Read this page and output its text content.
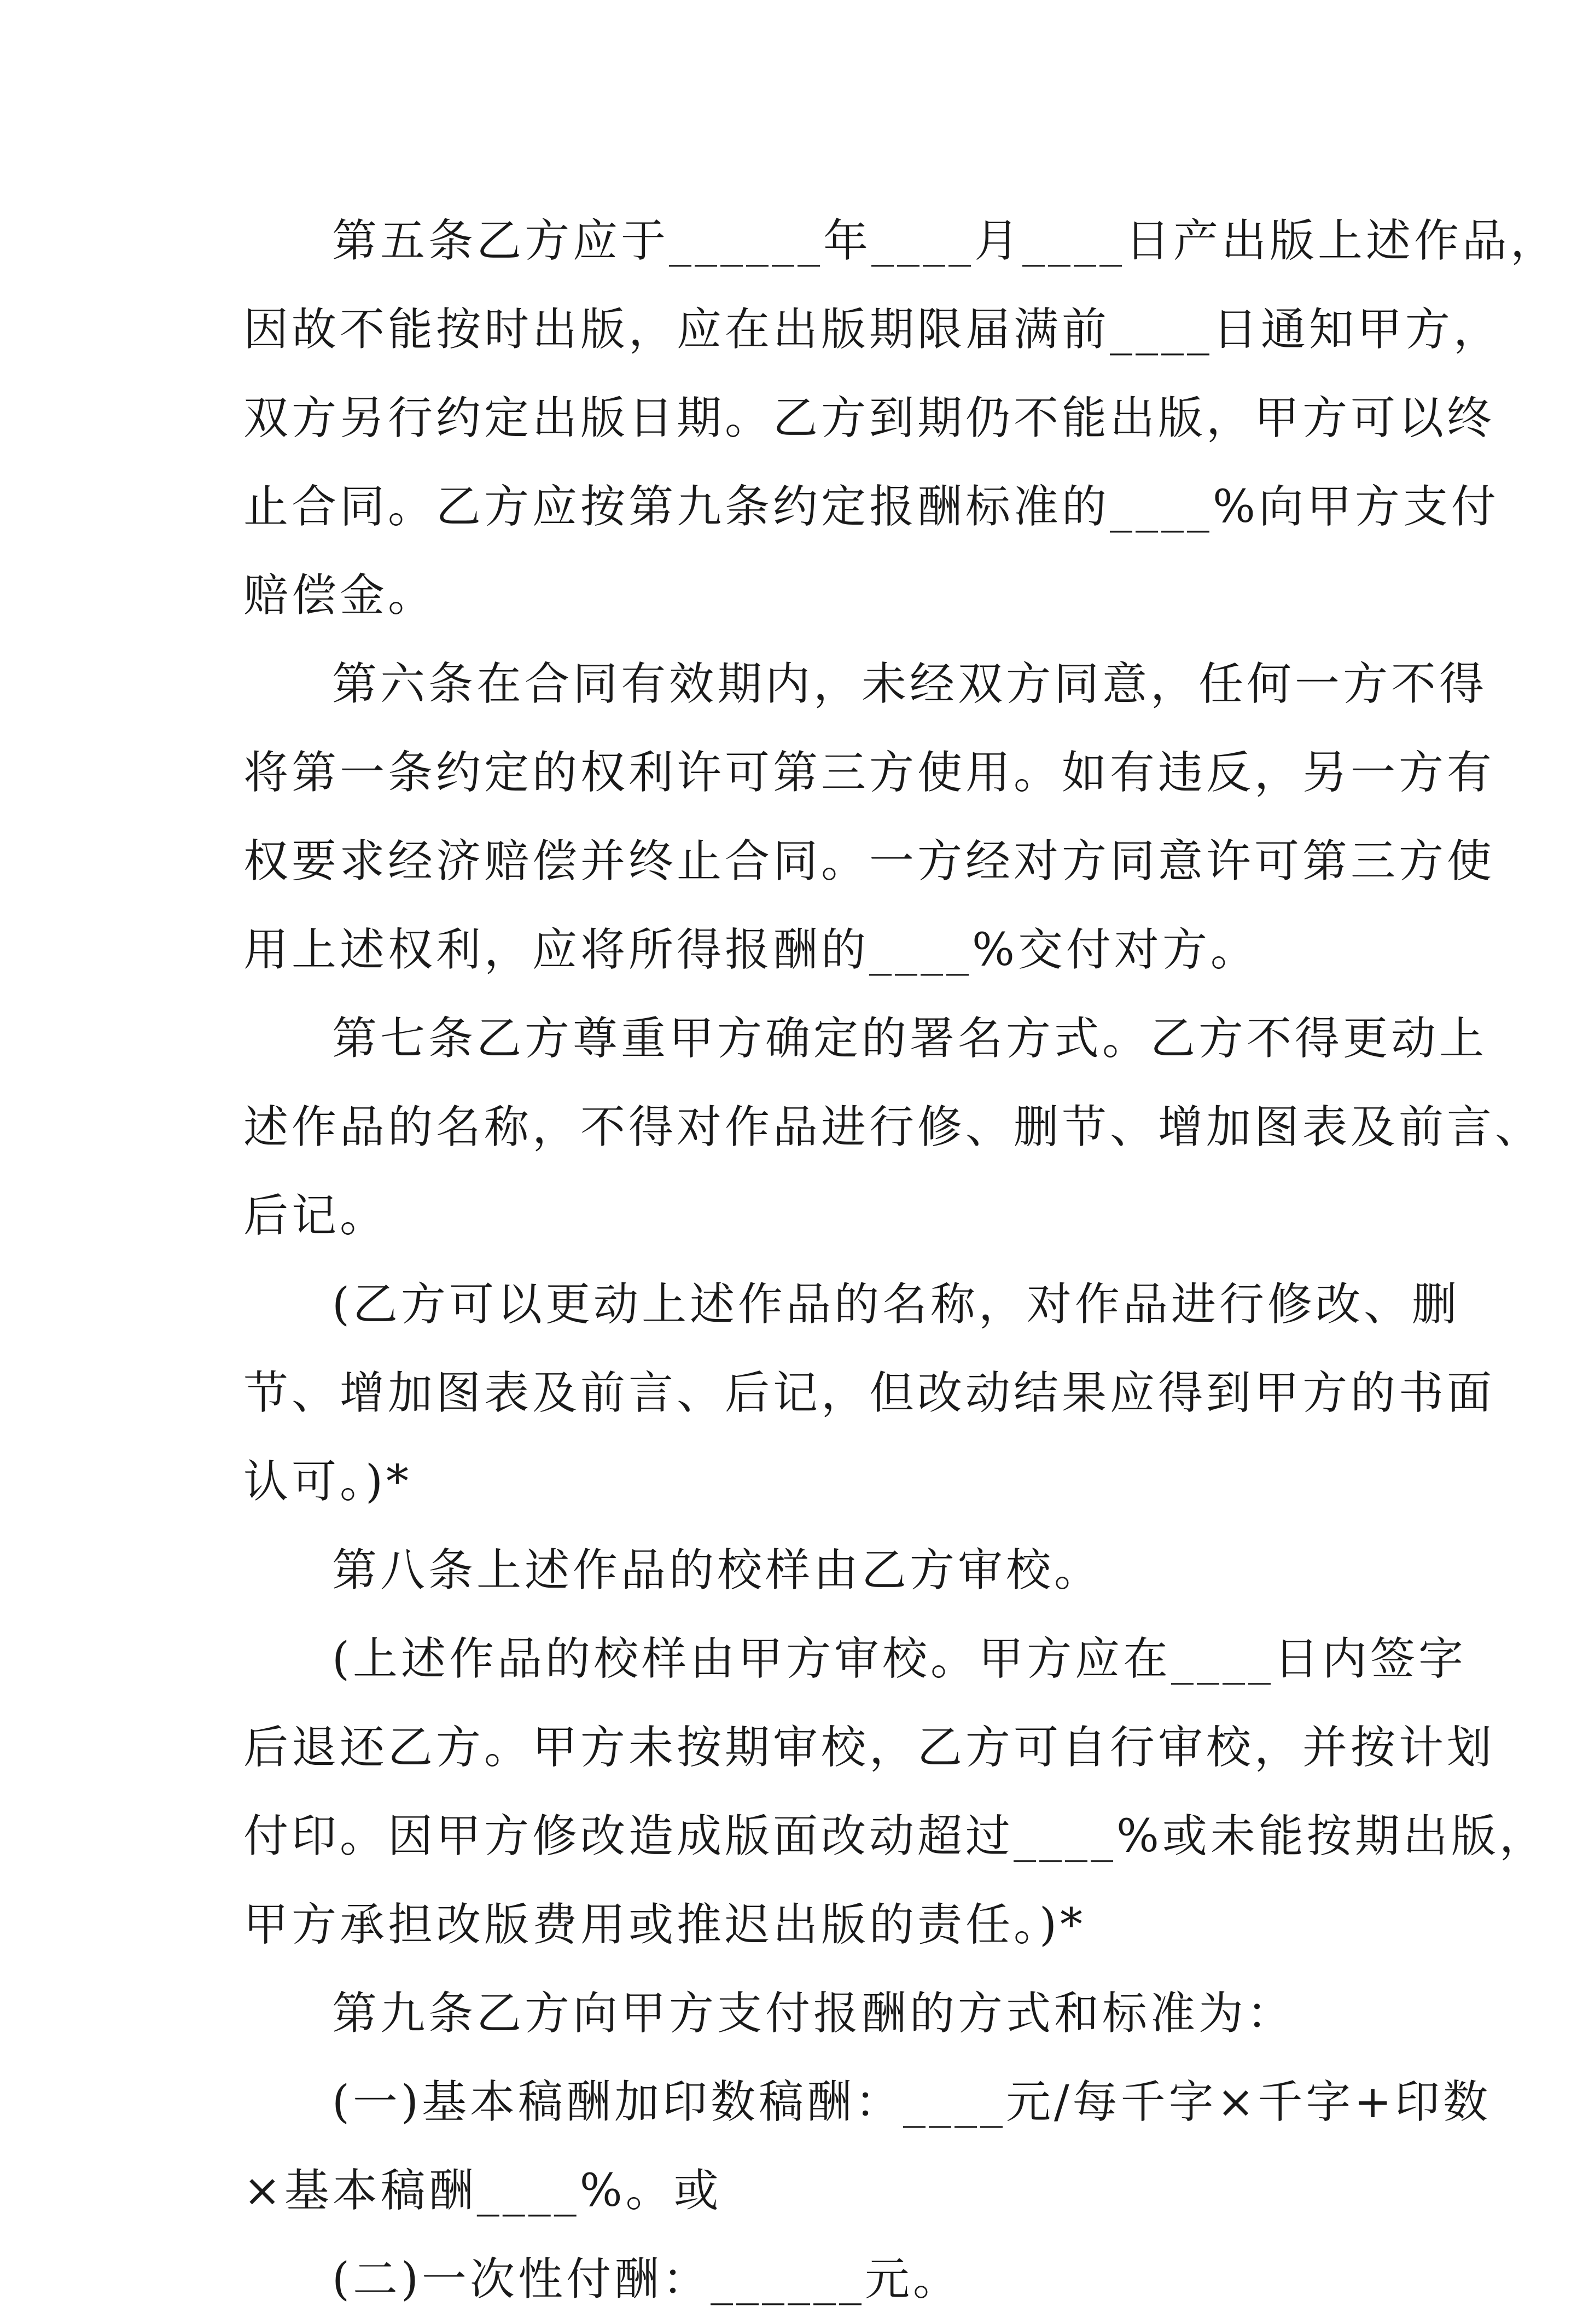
第五条乙方应于______年____月____日产出版上述作品，
因故不能按时出版，应在出版期限届满前____日通知甲方，
双方另行约定出版日期。乙方到期仍不能出版，甲方可以终
止合同。乙方应按第九条约定报酬标准的____%向甲方支付
赔偿金。
第六条在合同有效期内，未经双方同意，任何一方不得
将第一条约定的权利许可第三方使用。如有违反，另一方有
权要求经济赔偿并终止合同。一方经对方同意许可第三方使
用上述权利，应将所得报酬的____%交付对方。
第七条乙方尊重甲方确定的署名方式。乙方不得更动上
述作品的名称，不得对作品进行修、删节、增加图表及前言、
后记。
(乙方可以更动上述作品的名称，对作品进行修改、删
节、增加图表及前言、后记，但改动结果应得到甲方的书面
认可。)*
第八条上述作品的校样由乙方审校。
(上述作品的校样由甲方审校。甲方应在____日内签字
后退还乙方。甲方未按期审校，乙方可自行审校，并按计划
付印。因甲方修改造成版面改动超过____%或未能按期出版，
甲方承担改版费用或推迟出版的责任。)*
第九条乙方向甲方支付报酬的方式和标准为：
(一)基本稿酬加印数稿酬：____元/每千字×千字+印数
×基本稿酬____%。或
(二)一次性付酬：______元。
